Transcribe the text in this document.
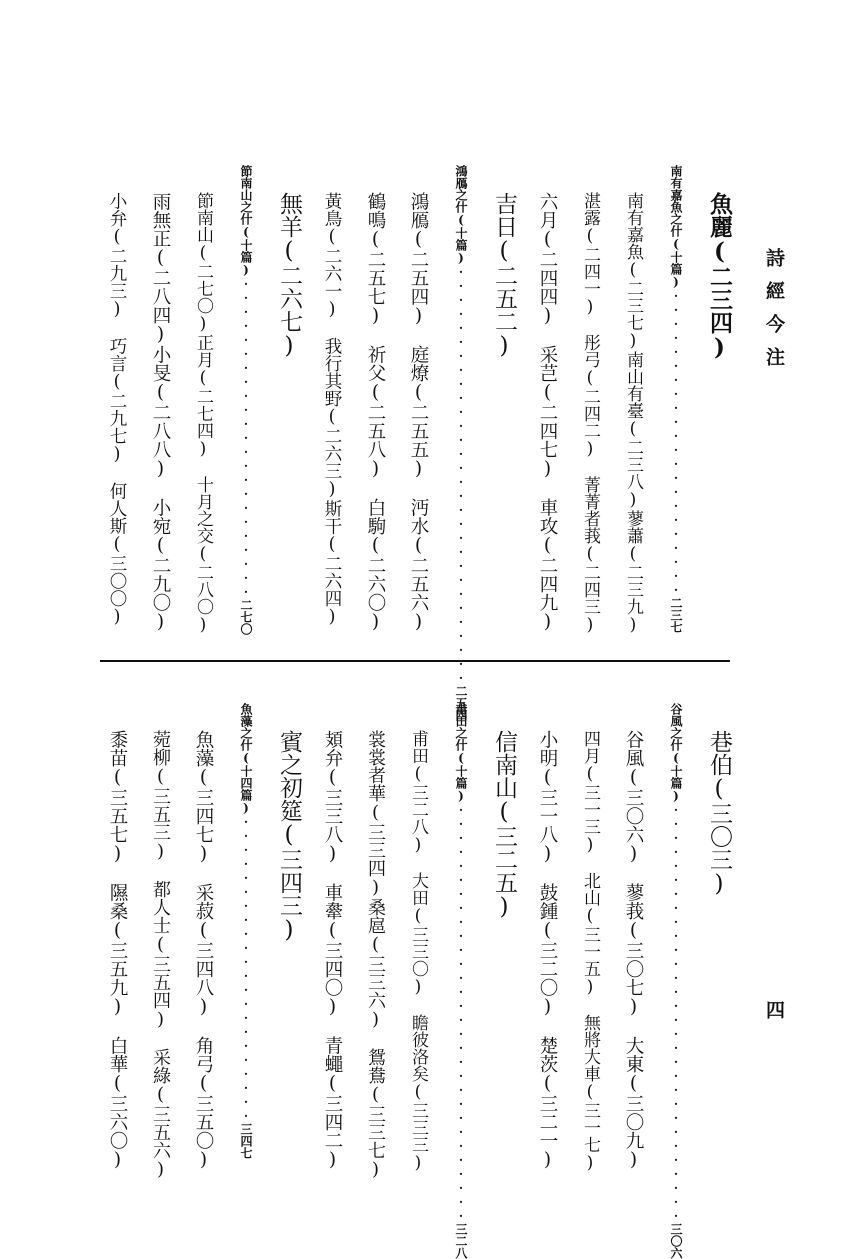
詩經今注
四
魚麗(二三四)
南有嘉魚之什(十篇)······················二三七
南有嘉魚(二三七)南山有臺(二三八)蓼蕭(二三九)
湛露(二四一)　彤弓(二四二)　菁菁者莪(二四三)
六月(二四四)　采芑(二四七)　車攻(二四九)
吉日(二五二)
鴻鴈之什(十篇)······························二五四
鴻鴈(二五四)　庭燎(二五五)　沔水(二五六)
鶴鳴(二五七)　祈父(二五八)　白駒(二六〇)
黃鳥(二六一)　我行其野(二六三)斯干(二六四)
無羊(二六七)
節南山之什(十篇)·······················二七〇
節南山(二七〇)正月(二七四)　十月之交(二八〇)
雨無正(二八四)小旻(二八八)　小宛(二九〇)
小弁(二九三)　巧言(二九七)　何人斯(三〇〇)
巷伯(三〇三)
谷風之什(十篇)······························三〇六
谷風(三〇六)　蓼莪(三〇七)　大東(三〇九)
四月(三一三)　北山(三一五)　無將大車(三一七)
小明(三一八)　鼓鍾(三二〇)　楚茨(三二一)
信南山(三二五)
甫田之什(十篇)······························三二八
甫田(三二八)　大田(三三〇)　瞻彼洛矣(三三三)
裳裳者華(三三四)桑扈(三三六)　鴛鴦(三三七)
頍弁(三三八)　車舝(三四〇)　青蠅(三四二)
賓之初筵(三四三)
魚藻之什(十四篇)······················三四七
魚藻(三四七)　采菽(三四八)　角弓(三五〇)
菀柳(三五三)　都人士(三五四)　采綠(三五六)
黍苗(三五七)　隰桑(三五九)　白華(三六〇)
